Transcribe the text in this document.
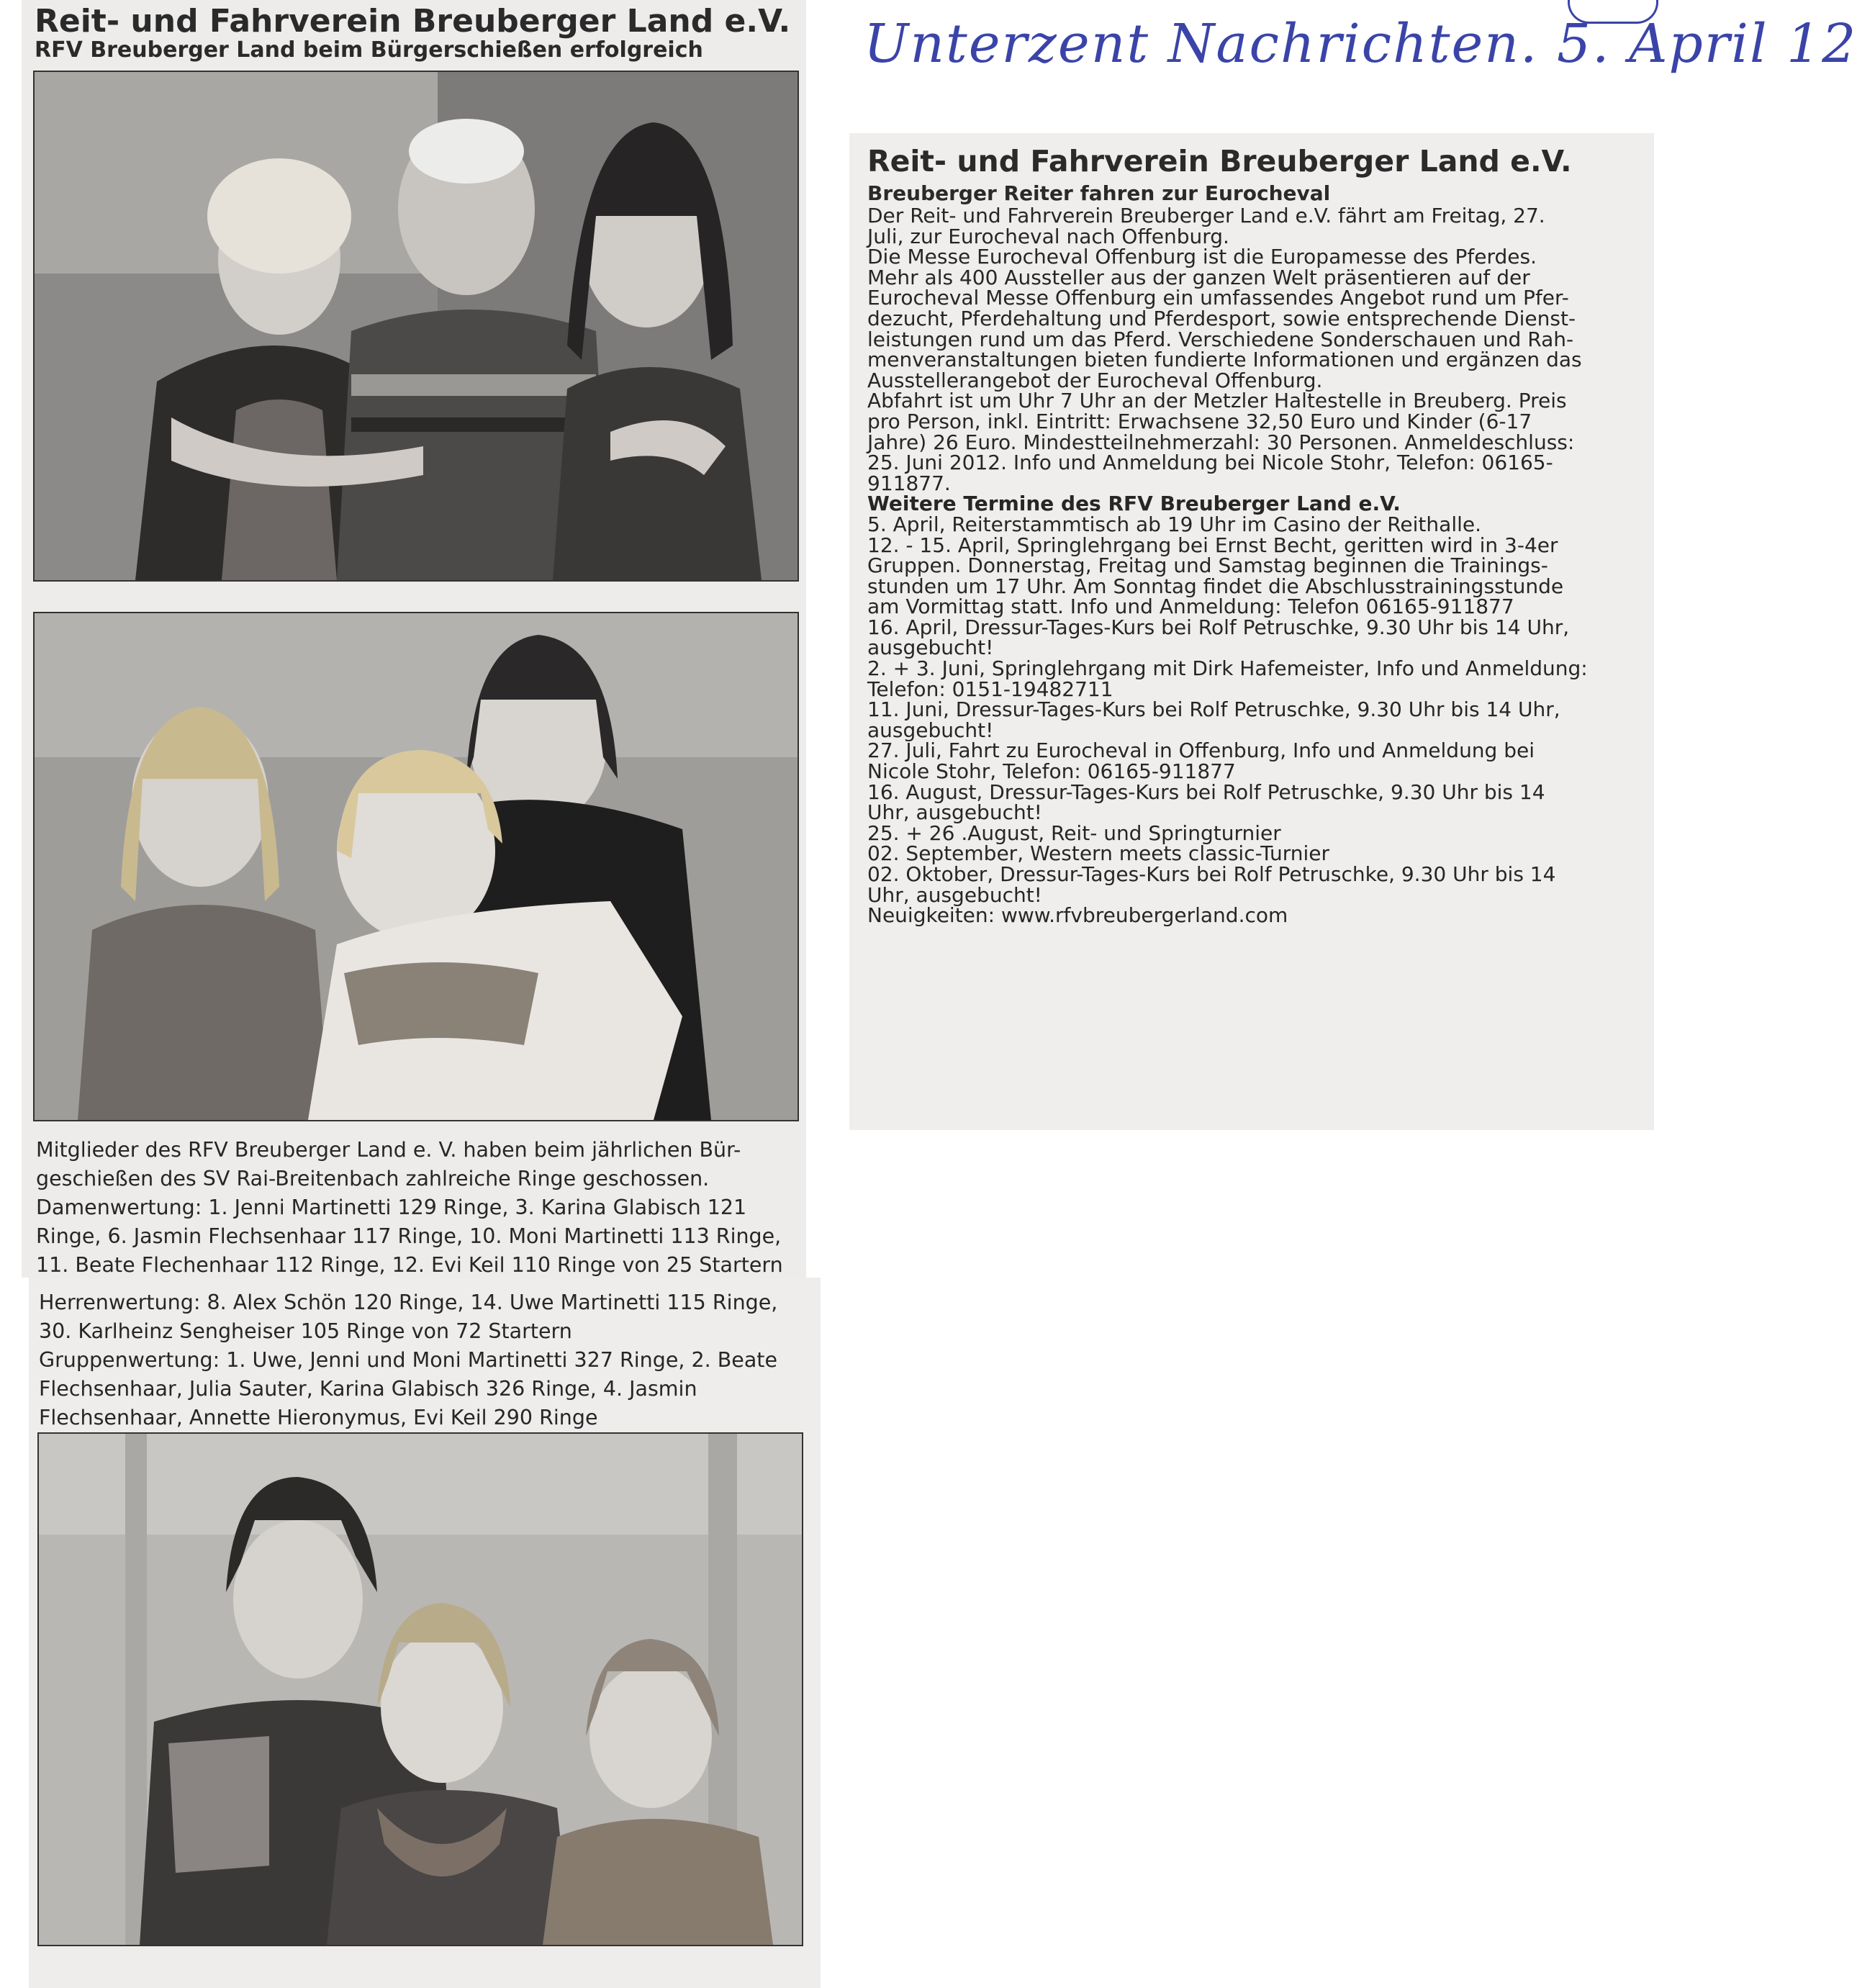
Unterzent Nachrichten. 5. April 12
Reit- und Fahrverein Breuberger Land e.V.
RFV Breuberger Land beim Bürgerschießen erfolgreich
Mitglieder des RFV Breuberger Land e. V. haben beim jährlichen Bür-
geschießen des SV Rai-Breitenbach zahlreiche Ringe geschossen.
Damenwertung: 1. Jenni Martinetti 129 Ringe, 3. Karina Glabisch 121
Ringe, 6. Jasmin Flechsenhaar 117 Ringe, 10. Moni Martinetti 113 Ringe,
11. Beate Flechenhaar 112 Ringe, 12. Evi Keil 110 Ringe von 25 Startern
Herrenwertung: 8. Alex Schön 120 Ringe, 14. Uwe Martinetti 115 Ringe,
30. Karlheinz Sengheiser 105 Ringe von 72 Startern
Gruppenwertung: 1. Uwe, Jenni und Moni Martinetti 327 Ringe, 2. Beate
Flechsenhaar, Julia Sauter, Karina Glabisch 326 Ringe, 4. Jasmin
Flechsenhaar, Annette Hieronymus, Evi Keil 290 Ringe
Reit- und Fahrverein Breuberger Land e.V.
Breuberger Reiter fahren zur Eurocheval
Der Reit- und Fahrverein Breuberger Land e.V. fährt am Freitag, 27.
Juli, zur Eurocheval nach Offenburg.
Die Messe Eurocheval Offenburg ist die Europamesse des Pferdes.
Mehr als 400 Aussteller aus der ganzen Welt präsentieren auf der
Eurocheval Messe Offenburg ein umfassendes Angebot rund um Pfer-
dezucht, Pferdehaltung und Pferdesport, sowie entsprechende Dienst-
leistungen rund um das Pferd. Verschiedene Sonderschauen und Rah-
menveranstaltungen bieten fundierte Informationen und ergänzen das
Ausstellerangebot der Eurocheval Offenburg.
Abfahrt ist um Uhr 7 Uhr an der Metzler Haltestelle in Breuberg. Preis
pro Person, inkl. Eintritt: Erwachsene 32,50 Euro und Kinder (6-17
Jahre) 26 Euro. Mindestteilnehmerzahl: 30 Personen. Anmeldeschluss:
25. Juni 2012. Info und Anmeldung bei Nicole Stohr, Telefon: 06165-
911877.
Weitere Termine des RFV Breuberger Land e.V.
5. April, Reiterstammtisch ab 19 Uhr im Casino der Reithalle.
12. - 15. April, Springlehrgang bei Ernst Becht, geritten wird in 3-4er
Gruppen. Donnerstag, Freitag und Samstag beginnen die Trainings-
stunden um 17 Uhr. Am Sonntag findet die Abschlusstrainingsstunde
am Vormittag statt. Info und Anmeldung: Telefon 06165-911877
16. April, Dressur-Tages-Kurs bei Rolf Petruschke, 9.30 Uhr bis 14 Uhr,
ausgebucht!
2. + 3. Juni, Springlehrgang mit Dirk Hafemeister, Info und Anmeldung:
Telefon: 0151-19482711
11. Juni, Dressur-Tages-Kurs bei Rolf Petruschke, 9.30 Uhr bis 14 Uhr,
ausgebucht!
27. Juli, Fahrt zu Eurocheval in Offenburg, Info und Anmeldung bei
Nicole Stohr, Telefon: 06165-911877
16. August, Dressur-Tages-Kurs bei Rolf Petruschke, 9.30 Uhr bis 14
Uhr, ausgebucht!
25. + 26 .August, Reit- und Springturnier
02. September, Western meets classic-Turnier
02. Oktober, Dressur-Tages-Kurs bei Rolf Petruschke, 9.30 Uhr bis 14
Uhr, ausgebucht!
Neuigkeiten: www.rfvbreubergerland.com
